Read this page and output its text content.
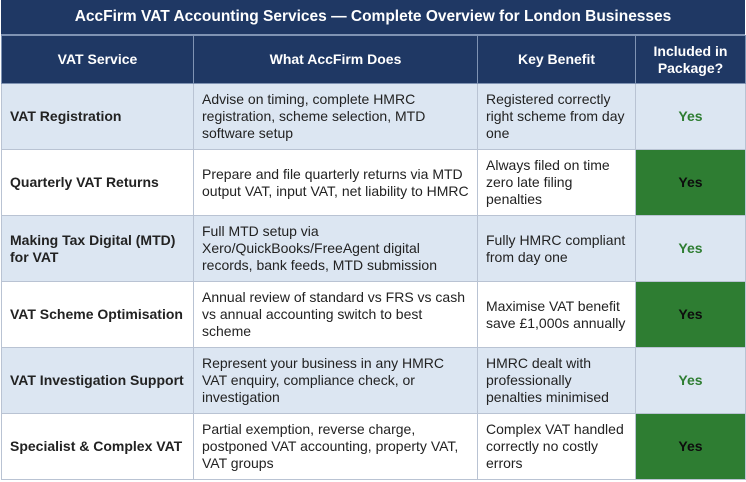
AccFirm VAT Accounting Services — Complete Overview for London Businesses
VAT Service	What AccFirm Does	Key Benefit	Included in Package?
VAT Registration	Advise on timing, complete HMRC registration, scheme selection, MTD software setup	Registered correctly right scheme from day one	Yes
Quarterly VAT Returns	Prepare and file quarterly returns via MTD output VAT, input VAT, net liability to HMRC	Always filed on time zero late filing penalties	Yes
Making Tax Digital (MTD) for VAT	Full MTD setup via Xero/QuickBooks/FreeAgent digital records, bank feeds, MTD submission	Fully HMRC compliant from day one	Yes
VAT Scheme Optimisation	Annual review of standard vs FRS vs cash vs annual accounting switch to best scheme	Maximise VAT benefit save £1,000s annually	Yes
VAT Investigation Support	Represent your business in any HMRC VAT enquiry, compliance check, or investigation	HMRC dealt with professionally penalties minimised	Yes
Specialist & Complex VAT	Partial exemption, reverse charge, postponed VAT accounting, property VAT, VAT groups	Complex VAT handled correctly no costly errors	Yes
